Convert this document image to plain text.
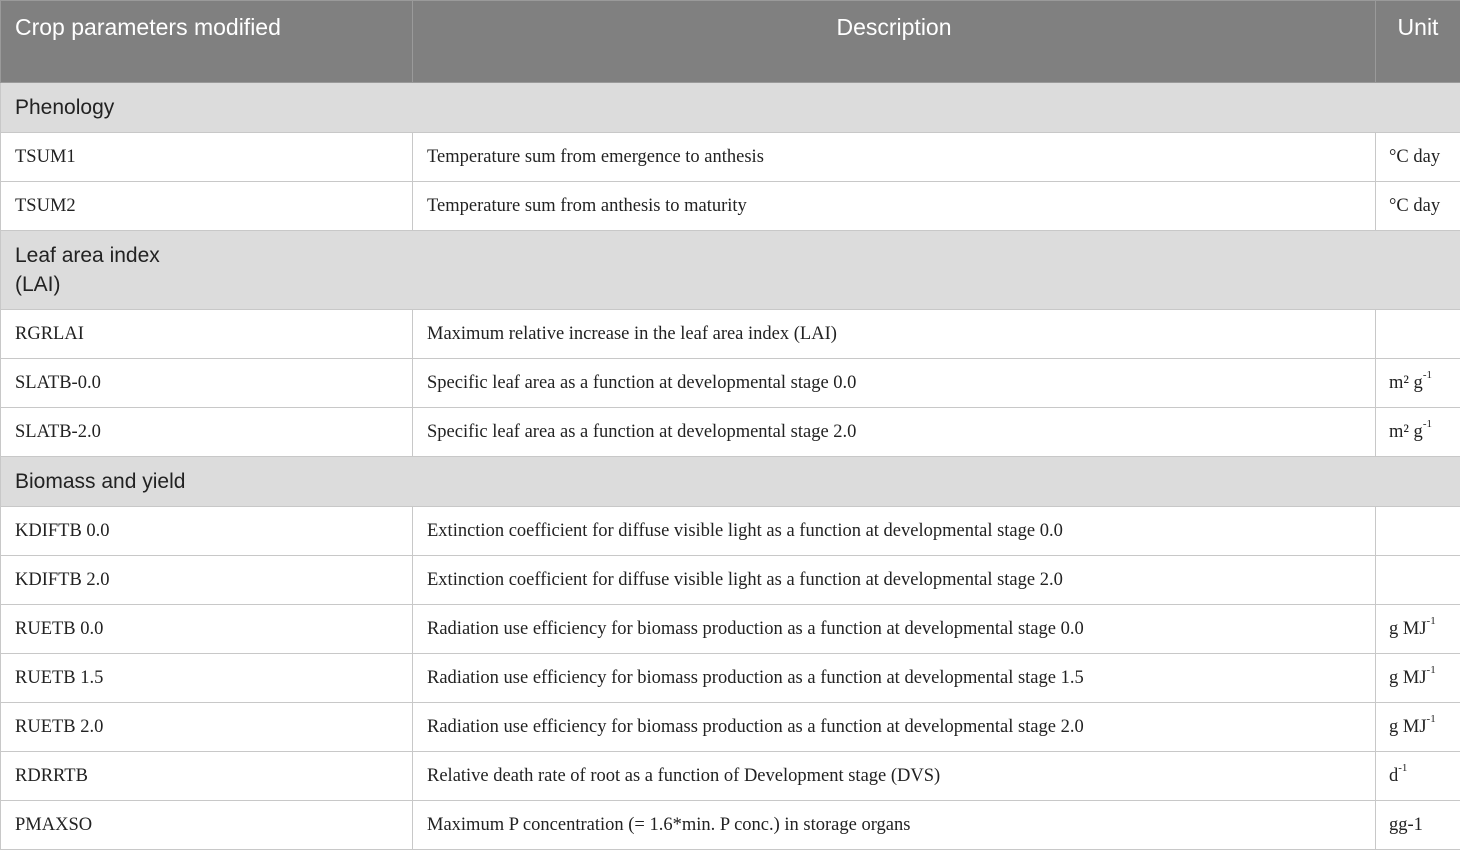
Crop parameters modified	Description	Unit
Phenology		
TSUM1	Temperature sum from emergence to anthesis	°C day
TSUM2	Temperature sum from anthesis to maturity	°C day

Leaf area index (LAI)		

RGRLAI	Maximum relative increase in the leaf area index (LAI)	
SLATB-0.0	Specific leaf area as a function at developmental stage 0.0	m² $g^{-1}$
SLATB-2.0	Specific leaf area as a function at developmental stage 2.0	m² $g^{-1}$
Biomass and yield		
KDIFTB 0.0	Extinction coefficient for diffuse visible light as a function at developmental stage 0.0	
KDIFTB 2.0	Extinction coefficient for diffuse visible light as a function at developmental stage 2.0	
RUETB 0.0	Radiation use efficiency for biomass production as a function at developmental stage 0.0	g $MJ^{-1}$
RUETB 1.5	Radiation use efficiency for biomass production as a function at developmental stage 1.5	g $MJ^{-1}$
RUETB 2.0	Radiation use efficiency for biomass production as a function at developmental stage 2.0	g $MJ^{-1}$
RDRRTB	Relative death rate of root as a function of Development stage (DVS)	$d^{-1}$
PMAXSO	Maximum P concentration (= 1.6*min. P conc.) in storage organs	gg-1
